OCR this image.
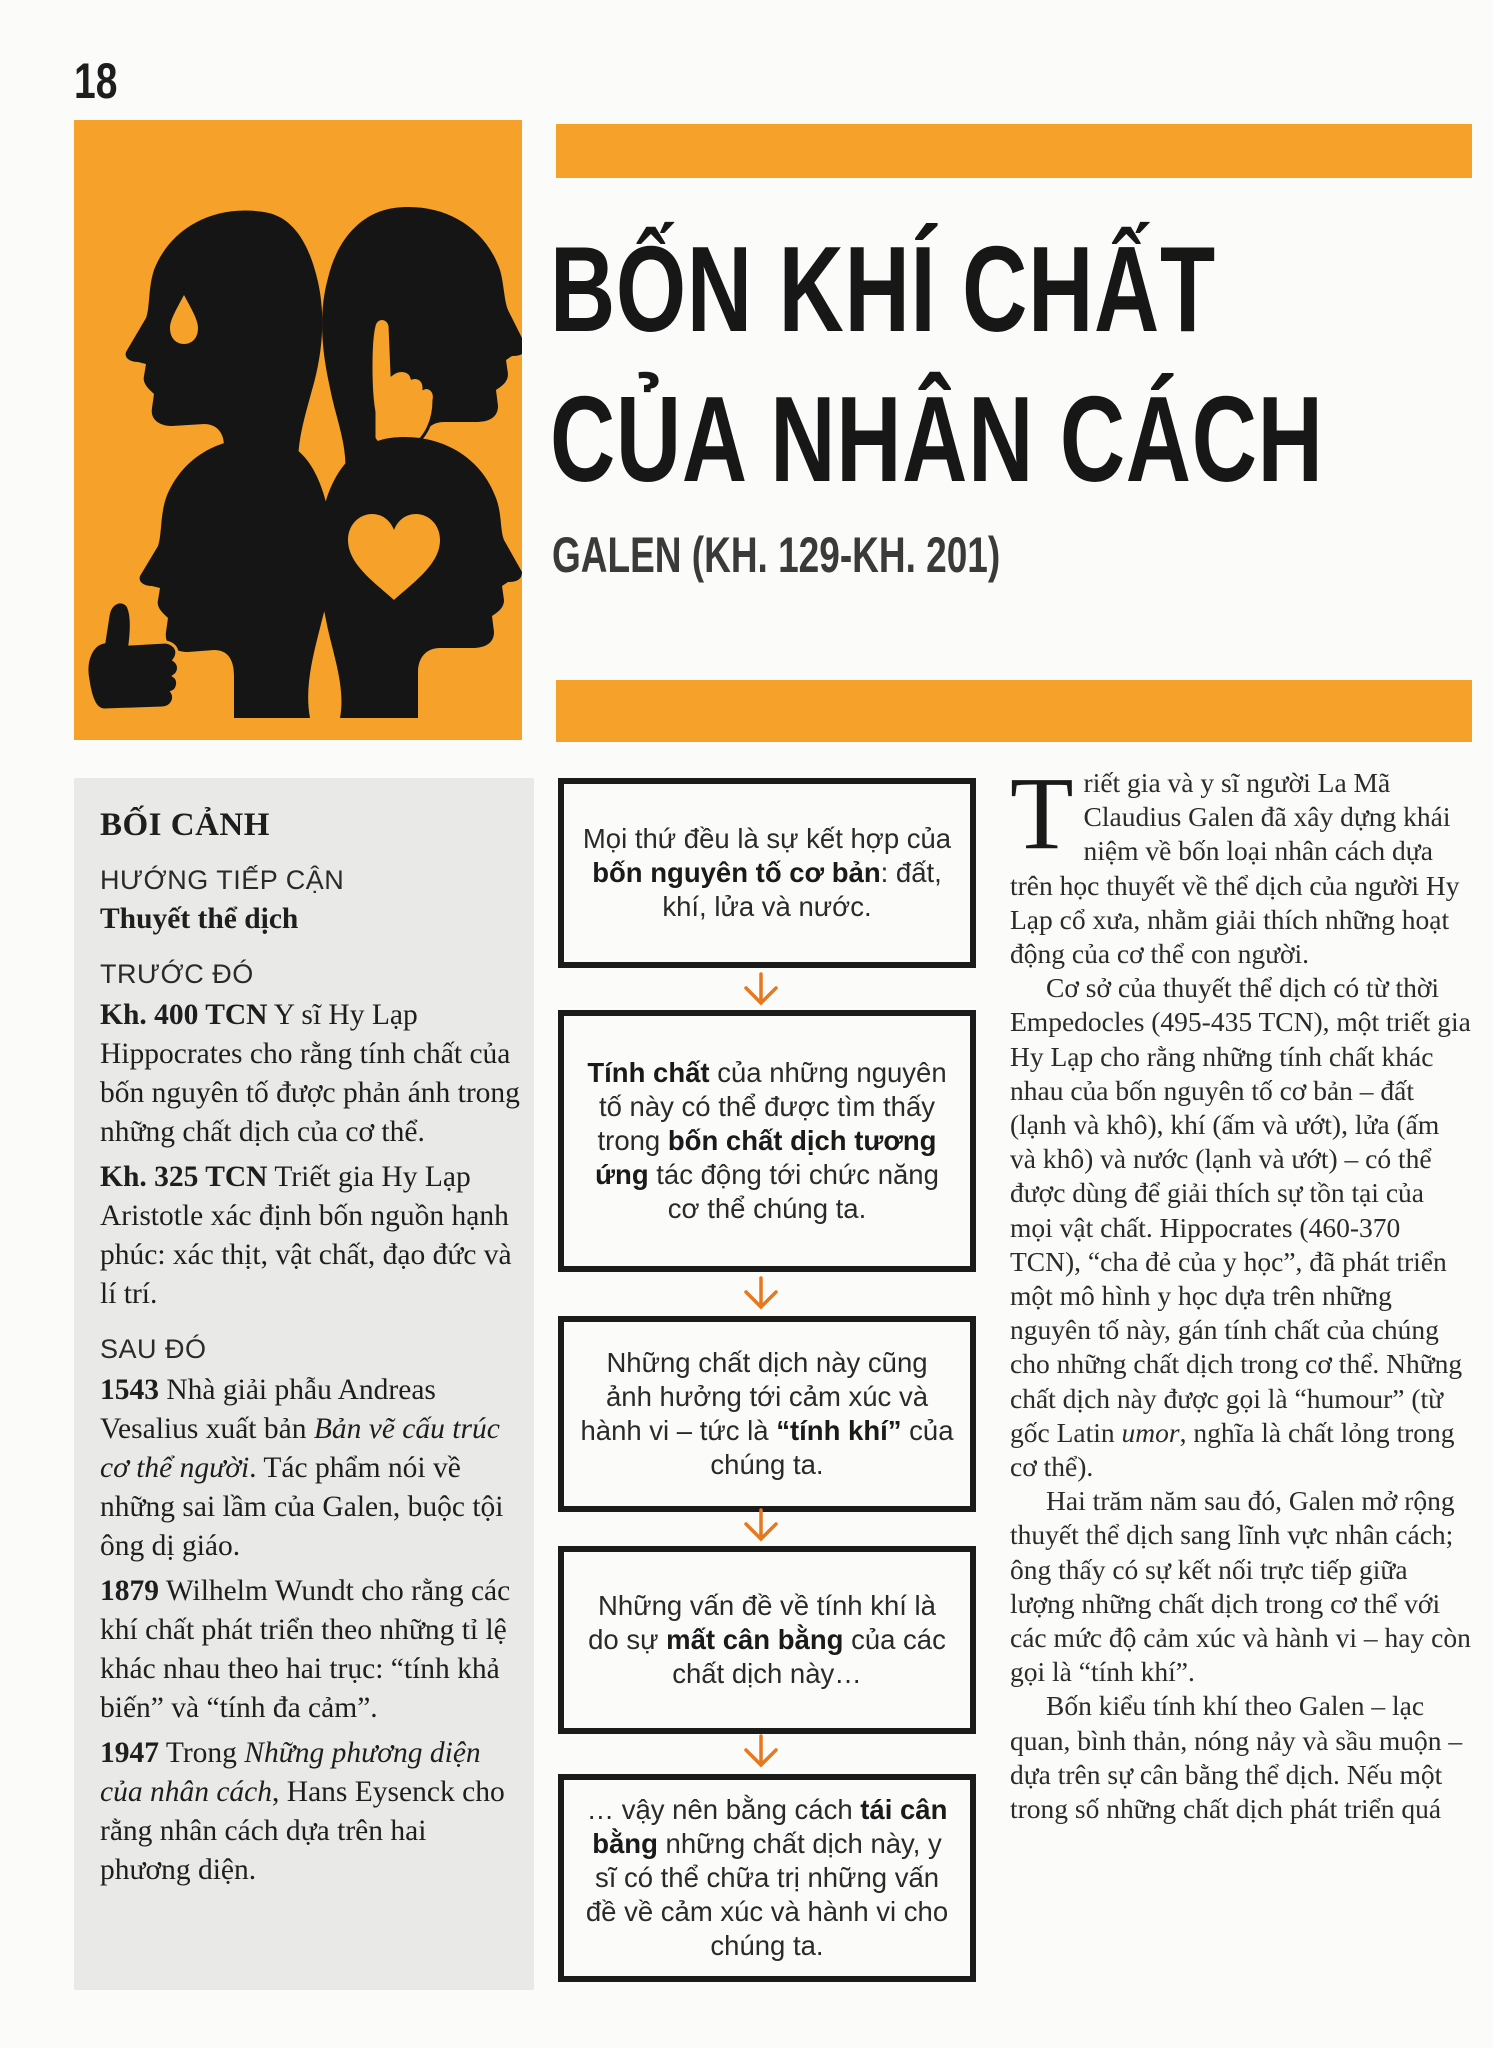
18
BỐN KHÍ CHẤT
CỦA NHÂN CÁCH
GALEN (KH. 129-KH. 201)
BỐI CẢNH
HƯỚNG TIẾP CẬN
Thuyết thể dịch
TRƯỚC ĐÓ
Kh. 400 TCN Y sĩ Hy Lạp Hippocrates cho rằng tính chất của bốn nguyên tố được phản ánh trong những chất dịch của cơ thể.
Kh. 325 TCN Triết gia Hy Lạp Aristotle xác định bốn nguồn hạnh phúc: xác thịt, vật chất, đạo đức và lí trí.
SAU ĐÓ
1543 Nhà giải phẫu Andreas Vesalius xuất bản Bản vẽ cấu trúc cơ thể người. Tác phẩm nói về những sai lầm của Galen, buộc tội ông dị giáo.
1879 Wilhelm Wundt cho rằng các khí chất phát triển theo những tỉ lệ khác nhau theo hai trục: “tính khả biến” và “tính đa cảm”.
1947 Trong Những phương diện của nhân cách, Hans Eysenck cho rằng nhân cách dựa trên hai phương diện.
Mọi thứ đều là sự kết hợp của bốn nguyên tố cơ bản: đất, khí, lửa và nước.
Tính chất của những nguyên tố này có thể được tìm thấy trong bốn chất dịch tương ứng tác động tới chức năng cơ thể chúng ta.
Những chất dịch này cũng ảnh hưởng tới cảm xúc và hành vi – tức là “tính khí” của chúng ta.
Những vấn đề về tính khí là do sự mất cân bằng của các chất dịch này…
… vậy nên bằng cách tái cân bằng những chất dịch này, y sĩ có thể chữa trị những vấn đề về cảm xúc và hành vi cho chúng ta.

Triết gia và y sĩ người La Mã Claudius Galen đã xây dựng khái niệm về bốn loại nhân cách dựa trên học thuyết về thể dịch của người Hy Lạp cổ xưa, nhằm giải thích những hoạt động của cơ thể con người.

Cơ sở của thuyết thể dịch có từ thời Empedocles (495-435 TCN), một triết gia Hy Lạp cho rằng những tính chất khác nhau của bốn nguyên tố cơ bản – đất (lạnh và khô), khí (ấm và ướt), lửa (ấm và khô) và nước (lạnh và ướt) – có thể được dùng để giải thích sự tồn tại của mọi vật chất. Hippocrates (460-370 TCN), “cha đẻ của y học”, đã phát triển một mô hình y học dựa trên những nguyên tố này, gán tính chất của chúng cho những chất dịch trong cơ thể. Những chất dịch này được gọi là “humour” (từ gốc Latin umor, nghĩa là chất lỏng trong cơ thể).

Hai trăm năm sau đó, Galen mở rộng thuyết thể dịch sang lĩnh vực nhân cách; ông thấy có sự kết nối trực tiếp giữa lượng những chất dịch trong cơ thể với các mức độ cảm xúc và hành vi – hay còn gọi là “tính khí”.

Bốn kiểu tính khí theo Galen – lạc quan, bình thản, nóng nảy và sầu muộn – dựa trên sự cân bằng thể dịch. Nếu một trong số những chất dịch phát triển quá
